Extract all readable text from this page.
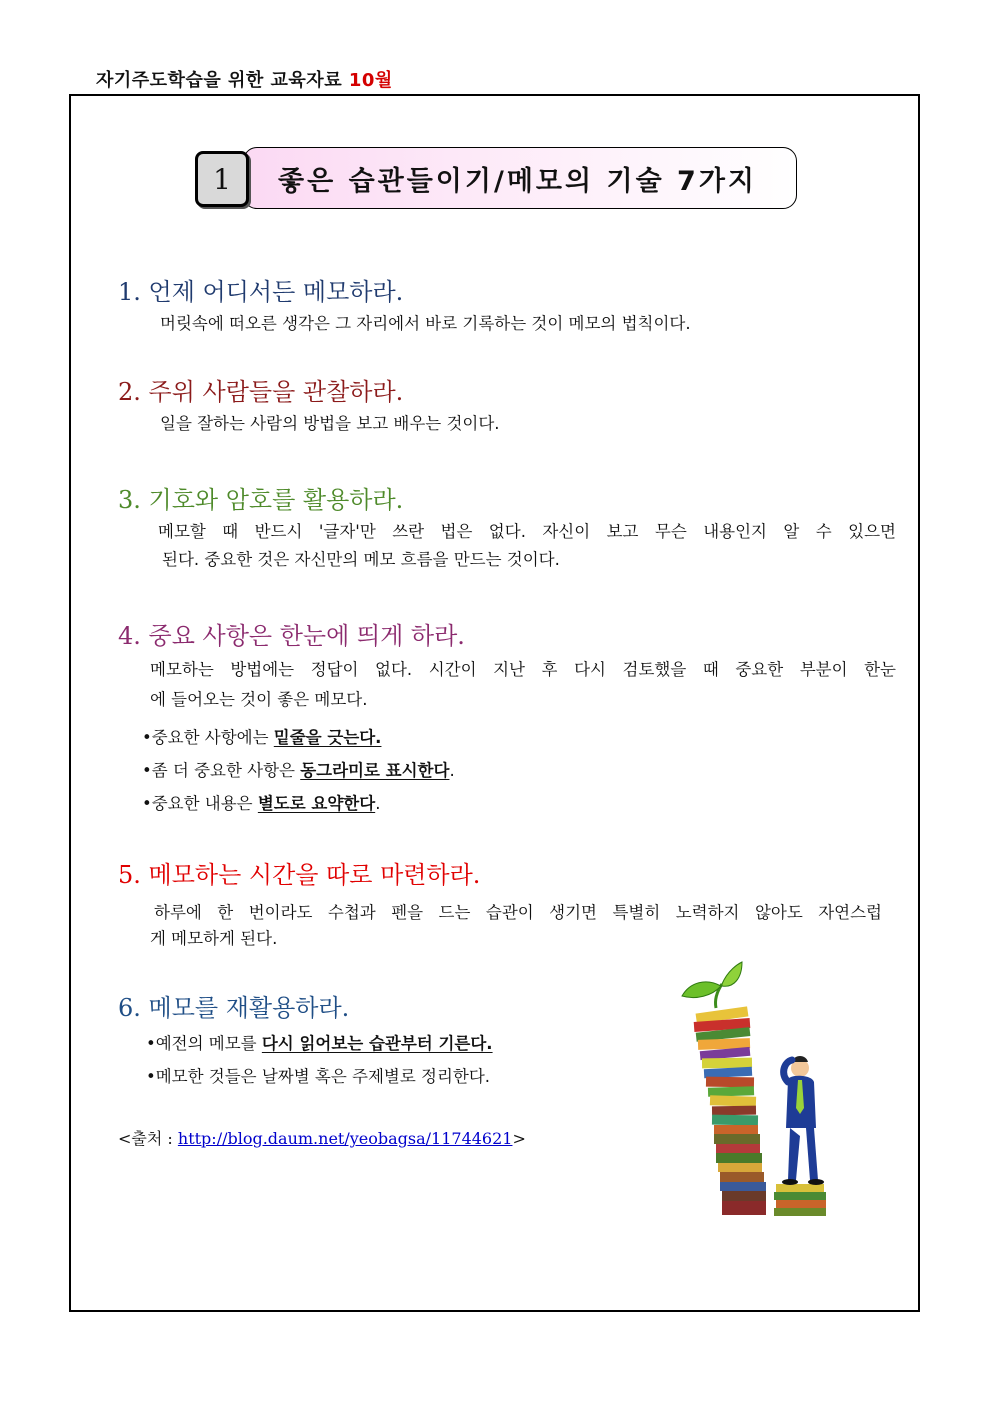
자기주도학습을 위한 교육자료 10월
좋은 습관들이기/메모의 기술 7가지
1
1. 언제 어디서든 메모하라.
머릿속에 떠오른 생각은 그 자리에서 바로 기록하는 것이 메모의 법칙이다.
2. 주위 사람들을 관찰하라.
일을 잘하는 사람의 방법을 보고 배우는 것이다.
3. 기호와 암호를 활용하라.
메모할 때 반드시 '글자'만 쓰란 법은 없다. 자신이 보고 무슨 내용인지 알 수 있으면
된다. 중요한 것은 자신만의 메모 흐름을 만드는 것이다.
4. 중요 사항은 한눈에 띄게 하라.
메모하는 방법에는 정답이 없다. 시간이 지난 후 다시 검토했을 때 중요한 부분이 한눈
에 들어오는 것이 좋은 메모다.
•중요한 사항에는 밑줄을 긋는다.
•좀 더 중요한 사항은 동그라미로 표시한다.
•중요한 내용은 별도로 요약한다.
5. 메모하는 시간을 따로 마련하라.
하루에 한 번이라도 수첩과 펜을 드는 습관이 생기면 특별히 노력하지 않아도 자연스럽
게 메모하게 된다.
6. 메모를 재활용하라.
•예전의 메모를 다시 읽어보는 습관부터 기른다.
•메모한 것들은 날짜별 혹은 주제별로 정리한다.
<출처 : http://blog.daum.net/yeobagsa/11744621>
